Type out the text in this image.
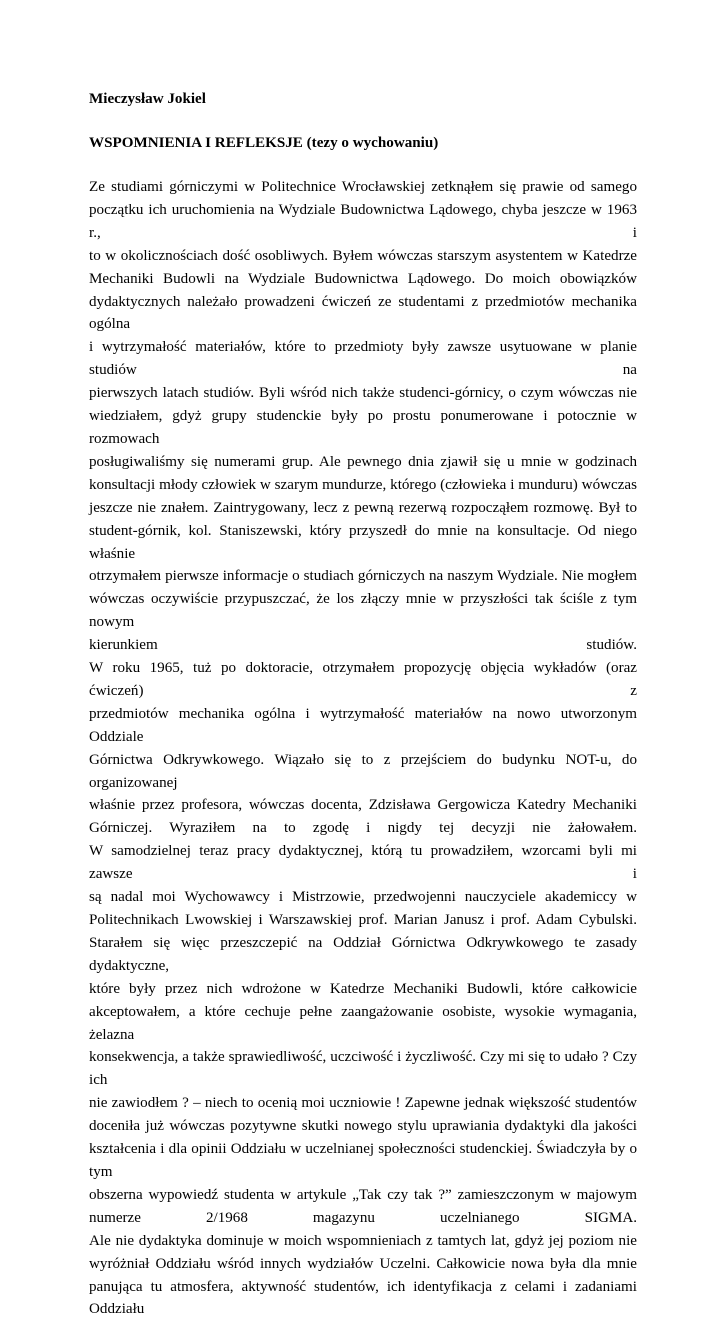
Mieczysław Jokiel

WSPOMNIENIA I REFLEKSJE (tezy o wychowaniu)

Ze studiami górniczymi w Politechnice Wrocławskiej zetknąłem się prawie od samego
początku ich uruchomienia na Wydziale Budownictwa Lądowego, chyba jeszcze w 1963 r., i
to w okolicznościach dość osobliwych. Byłem wówczas starszym asystentem w Katedrze
Mechaniki Budowli na Wydziale Budownictwa Lądowego. Do moich obowiązków
dydaktycznych należało prowadzeni ćwiczeń ze studentami z przedmiotów mechanika ogólna
i wytrzymałość materiałów, które to przedmioty były zawsze usytuowane w planie studiów na
pierwszych latach studiów. Byli wśród nich także studenci-górnicy, o czym wówczas nie
wiedziałem, gdyż grupy studenckie były po prostu ponumerowane i potocznie w rozmowach
posługiwaliśmy się numerami grup. Ale pewnego dnia zjawił się u mnie w godzinach
konsultacji młody człowiek w szarym mundurze, którego (człowieka i munduru) wówczas
jeszcze nie znałem. Zaintrygowany, lecz z pewną rezerwą rozpocząłem rozmowę. Był to
student-górnik, kol. Staniszewski, który przyszedł do mnie na konsultacje. Od niego właśnie
otrzymałem pierwsze informacje o studiach górniczych na naszym Wydziale. Nie mogłem
wówczas oczywiście przypuszczać, że los złączy mnie w przyszłości tak ściśle z tym nowym
kierunkiem studiów.
W roku 1965, tuż po doktoracie, otrzymałem propozycję objęcia wykładów (oraz ćwiczeń) z
przedmiotów mechanika ogólna i wytrzymałość materiałów na nowo utworzonym Oddziale
Górnictwa Odkrywkowego. Wiązało się to z przejściem do budynku NOT-u, do organizowanej
właśnie przez profesora, wówczas docenta, Zdzisława Gergowicza Katedry Mechaniki
Górniczej. Wyraziłem na to zgodę i nigdy tej decyzji nie żałowałem.
W samodzielnej teraz pracy dydaktycznej, którą tu prowadziłem, wzorcami byli mi zawsze i
są nadal moi Wychowawcy i Mistrzowie, przedwojenni nauczyciele akademiccy w
Politechnikach Lwowskiej i Warszawskiej prof. Marian Janusz i prof. Adam Cybulski.
Starałem się więc przeszczepić na Oddział Górnictwa Odkrywkowego te zasady dydaktyczne,
które były przez nich wdrożone w Katedrze Mechaniki Budowli, które całkowicie
akceptowałem, a które cechuje pełne zaangażowanie osobiste, wysokie wymagania, żelazna
konsekwencja, a także sprawiedliwość, uczciwość i życzliwość. Czy mi się to udało ? Czy ich
nie zawiodłem ? – niech to ocenią moi uczniowie ! Zapewne jednak większość studentów
doceniła już wówczas pozytywne skutki nowego stylu uprawiania dydaktyki dla jakości
kształcenia i dla opinii Oddziału w uczelnianej społeczności studenckiej. Świadczyła by o tym
obszerna wypowiedź studenta w artykule „Tak czy tak ?” zamieszczonym w majowym
numerze 2/1968 magazynu uczelnianego SIGMA.
Ale nie dydaktyka dominuje w moich wspomnieniach z tamtych lat, gdyż jej poziom nie
wyróżniał Oddziału wśród innych wydziałów Uczelni. Całkowicie nowa była dla mnie
panująca tu atmosfera, aktywność studentów, ich identyfikacja z celami i zadaniami Oddziału
